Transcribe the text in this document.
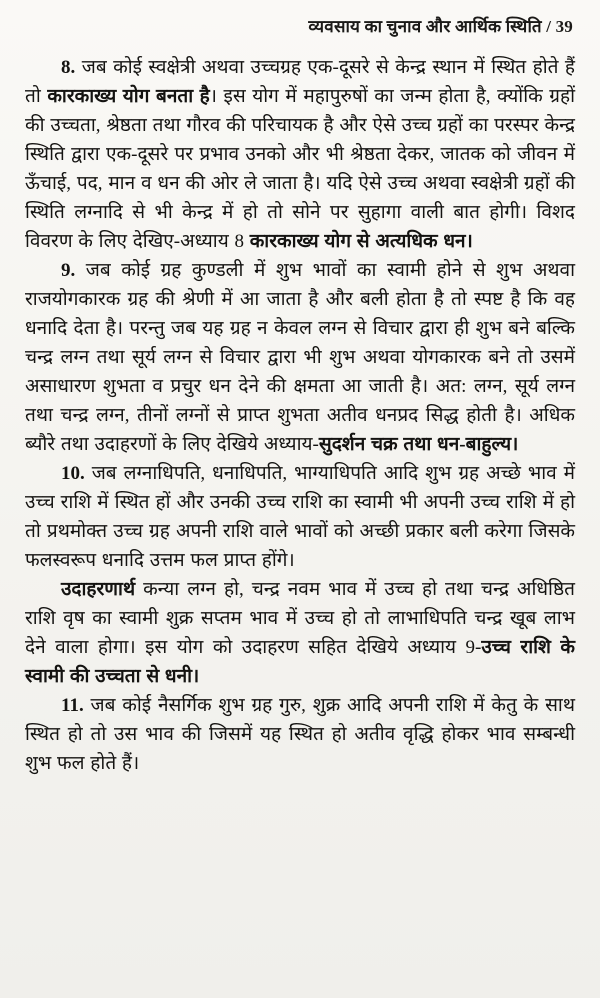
व्यवसाय का चुनाव और आर्थिक स्थिति / 39

8. जब कोई स्वक्षेत्री अथवा उच्चग्रह एक-दूसरे से केन्द्र स्थान में स्थित होते हैं तो कारकाख्य योग बनता है। इस योग में महापुरुषों का जन्म होता है, क्योंकि ग्रहों की उच्चता, श्रेष्ठता तथा गौरव की परिचायक है और ऐसे उच्च ग्रहों का परस्पर केन्द्र स्थिति द्वारा एक-दूसरे पर प्रभाव उनको और भी श्रेष्ठता देकर, जातक को जीवन में ऊँचाई, पद, मान व धन की ओर ले जाता है। यदि ऐसे उच्च अथवा स्वक्षेत्री ग्रहों की स्थिति लग्नादि से भी केन्द्र में हो तो सोने पर सुहागा वाली बात होगी। विशद विवरण के लिए देखिए-अध्याय 8 कारकाख्य योग से अत्यधिक धन।

9. जब कोई ग्रह कुण्डली में शुभ भावों का स्वामी होने से शुभ अथवा राजयोगकारक ग्रह की श्रेणी में आ जाता है और बली होता है तो स्पष्ट है कि वह धनादि देता है। परन्तु जब यह ग्रह न केवल लग्न से विचार द्वारा ही शुभ बने बल्कि चन्द्र लग्न तथा सूर्य लग्न से विचार द्वारा भी शुभ अथवा योगकारक बने तो उसमें असाधारण शुभता व प्रचुर धन देने की क्षमता आ जाती है। अत: लग्न, सूर्य लग्न तथा चन्द्र लग्न, तीनों लग्नों से प्राप्त शुभता अतीव धनप्रद सिद्ध होती है। अधिक ब्यौरे तथा उदाहरणों के लिए देखिये अध्याय-सुदर्शन चक्र तथा धन-बाहुल्य।

10. जब लग्नाधिपति, धनाधिपति, भाग्याधिपति आदि शुभ ग्रह अच्छे भाव में उच्च राशि में स्थित हों और उनकी उच्च राशि का स्वामी भी अपनी उच्च राशि में हो तो प्रथमोक्त उच्च ग्रह अपनी राशि वाले भावों को अच्छी प्रकार बली करेगा जिसके फलस्वरूप धनादि उत्तम फल प्राप्त होंगे।

उदाहरणार्थ कन्या लग्न हो, चन्द्र नवम भाव में उच्च हो तथा चन्द्र अधिष्ठित राशि वृष का स्वामी शुक्र सप्तम भाव में उच्च हो तो लाभाधिपति चन्द्र खूब लाभ देने वाला होगा। इस योग को उदाहरण सहित देखिये अध्याय 9-उच्च राशि के स्वामी की उच्चता से धनी।

11. जब कोई नैसर्गिक शुभ ग्रह गुरु, शुक्र आदि अपनी राशि में केतु के साथ स्थित हो तो उस भाव की जिसमें यह स्थित हो अतीव वृद्धि होकर भाव सम्बन्धी शुभ फल होते हैं।
